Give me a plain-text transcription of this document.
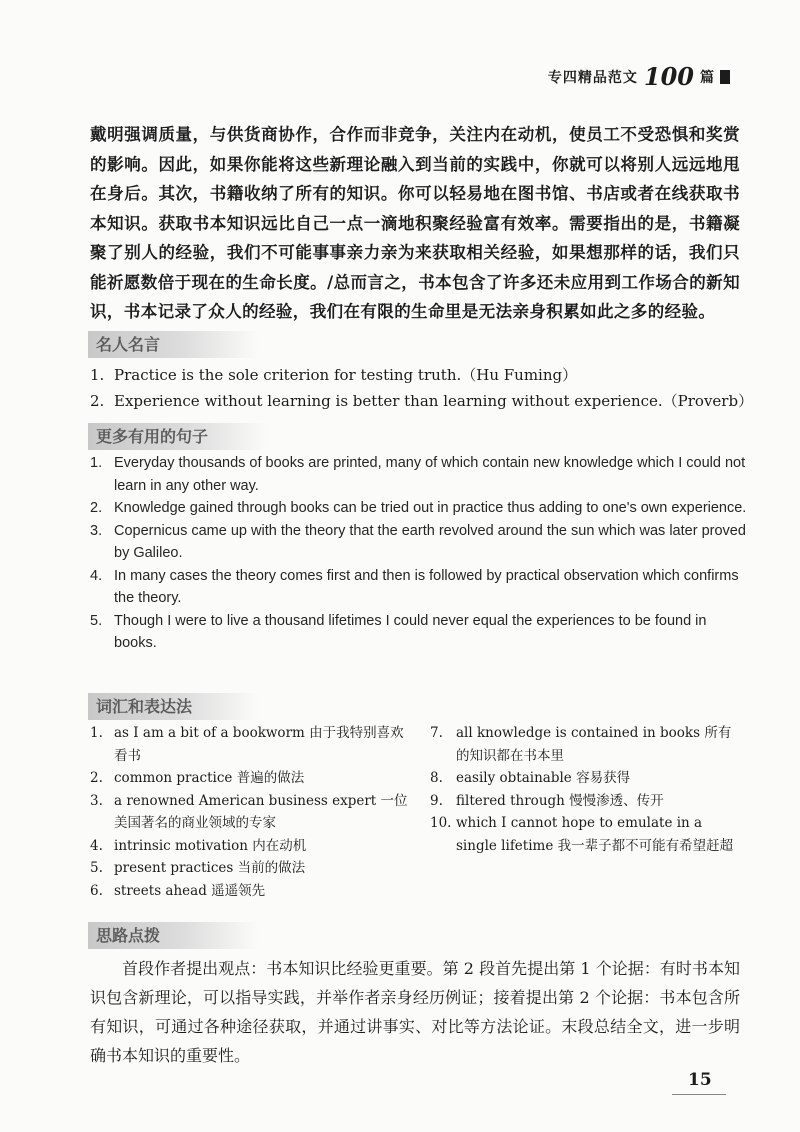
专四精品范文 100 篇
戴明强调质量，与供货商协作，合作而非竞争，关注内在动机，使员工不受恐惧和奖赏的影响。因此，如果你能将这些新理论融入到当前的实践中，你就可以将别人远远地甩在身后。其次，书籍收纳了所有的知识。你可以轻易地在图书馆、书店或者在线获取书本知识。获取书本知识远比自己一点一滴地积聚经验富有效率。需要指出的是，书籍凝聚了别人的经验，我们不可能事事亲力亲为来获取相关经验，如果想那样的话，我们只能祈愿数倍于现在的生命长度。/总而言之，书本包含了许多还未应用到工作场合的新知识，书本记录了众人的经验，我们在有限的生命里是无法亲身积累如此之多的经验。
名人名言
1. Practice is the sole criterion for testing truth.（Hu Fuming）
2. Experience without learning is better than learning without experience.（Proverb）
更多有用的句子
1. Everyday thousands of books are printed, many of which contain new knowledge which I could not learn in any other way.
2. Knowledge gained through books can be tried out in practice thus adding to one's own experience.
3. Copernicus came up with the theory that the earth revolved around the sun which was later proved by Galileo.
4. In many cases the theory comes first and then is followed by practical observation which confirms the theory.
5. Though I were to live a thousand lifetimes I could never equal the experiences to be found in books.
词汇和表达法
1. as I am a bit of a bookworm 由于我特别喜欢看书
2. common practice 普遍的做法
3. a renowned American business expert 一位美国著名的商业领域的专家
4. intrinsic motivation 内在动机
5. present practices 当前的做法
6. streets ahead 遥遥领先
7. all knowledge is contained in books 所有的知识都在书本里
8. easily obtainable 容易获得
9. filtered through 慢慢渗透、传开
10. which I cannot hope to emulate in a single lifetime 我一辈子都不可能有希望赶超
思路点拨
首段作者提出观点：书本知识比经验更重要。第 2 段首先提出第 1 个论据：有时书本知识包含新理论，可以指导实践，并举作者亲身经历例证；接着提出第 2 个论据：书本包含所有知识，可通过各种途径获取，并通过讲事实、对比等方法论证。末段总结全文，进一步明确书本知识的重要性。
15
